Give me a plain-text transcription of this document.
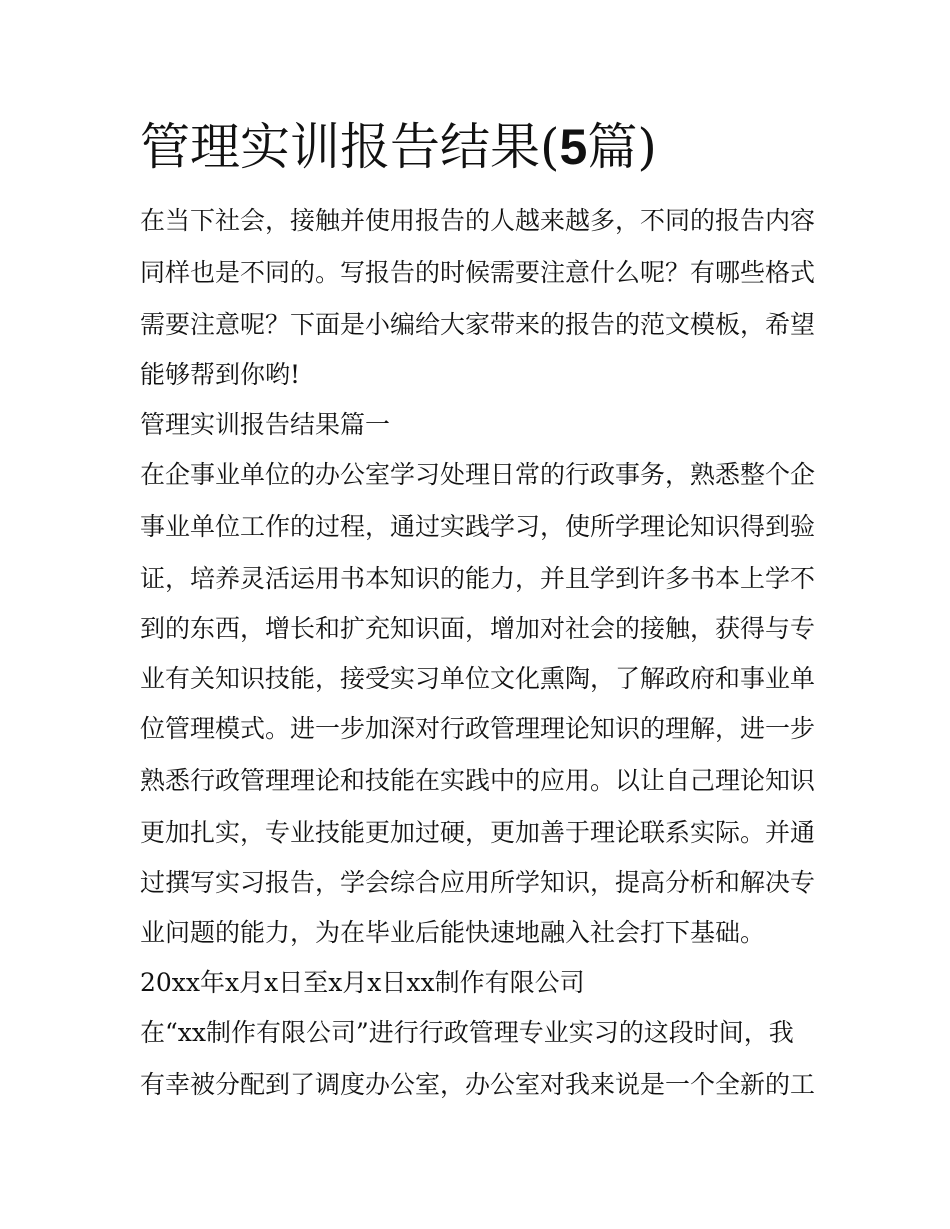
管理实训报告结果(5篇)

在当下社会，接触并使用报告的人越来越多，不同的报告内容

同样也是不同的。写报告的时候需要注意什么呢？有哪些格式

需要注意呢？下面是小编给大家带来的报告的范文模板，希望

能够帮到你哟!

管理实训报告结果篇一

在企事业单位的办公室学习处理日常的行政事务，熟悉整个企

事业单位工作的过程，通过实践学习，使所学理论知识得到验

证，培养灵活运用书本知识的能力，并且学到许多书本上学不

到的东西，增长和扩充知识面，增加对社会的接触，获得与专

业有关知识技能，接受实习单位文化熏陶，了解政府和事业单

位管理模式。进一步加深对行政管理理论知识的理解，进一步

熟悉行政管理理论和技能在实践中的应用。以让自己理论知识

更加扎实，专业技能更加过硬，更加善于理论联系实际。并通

过撰写实习报告，学会综合应用所学知识，提高分析和解决专

业问题的能力，为在毕业后能快速地融入社会打下基础。

20xx年x月x日至x月x日xx制作有限公司

在“xx制作有限公司”进行行政管理专业实习的这段时间，我

有幸被分配到了调度办公室，办公室对我来说是一个全新的工
